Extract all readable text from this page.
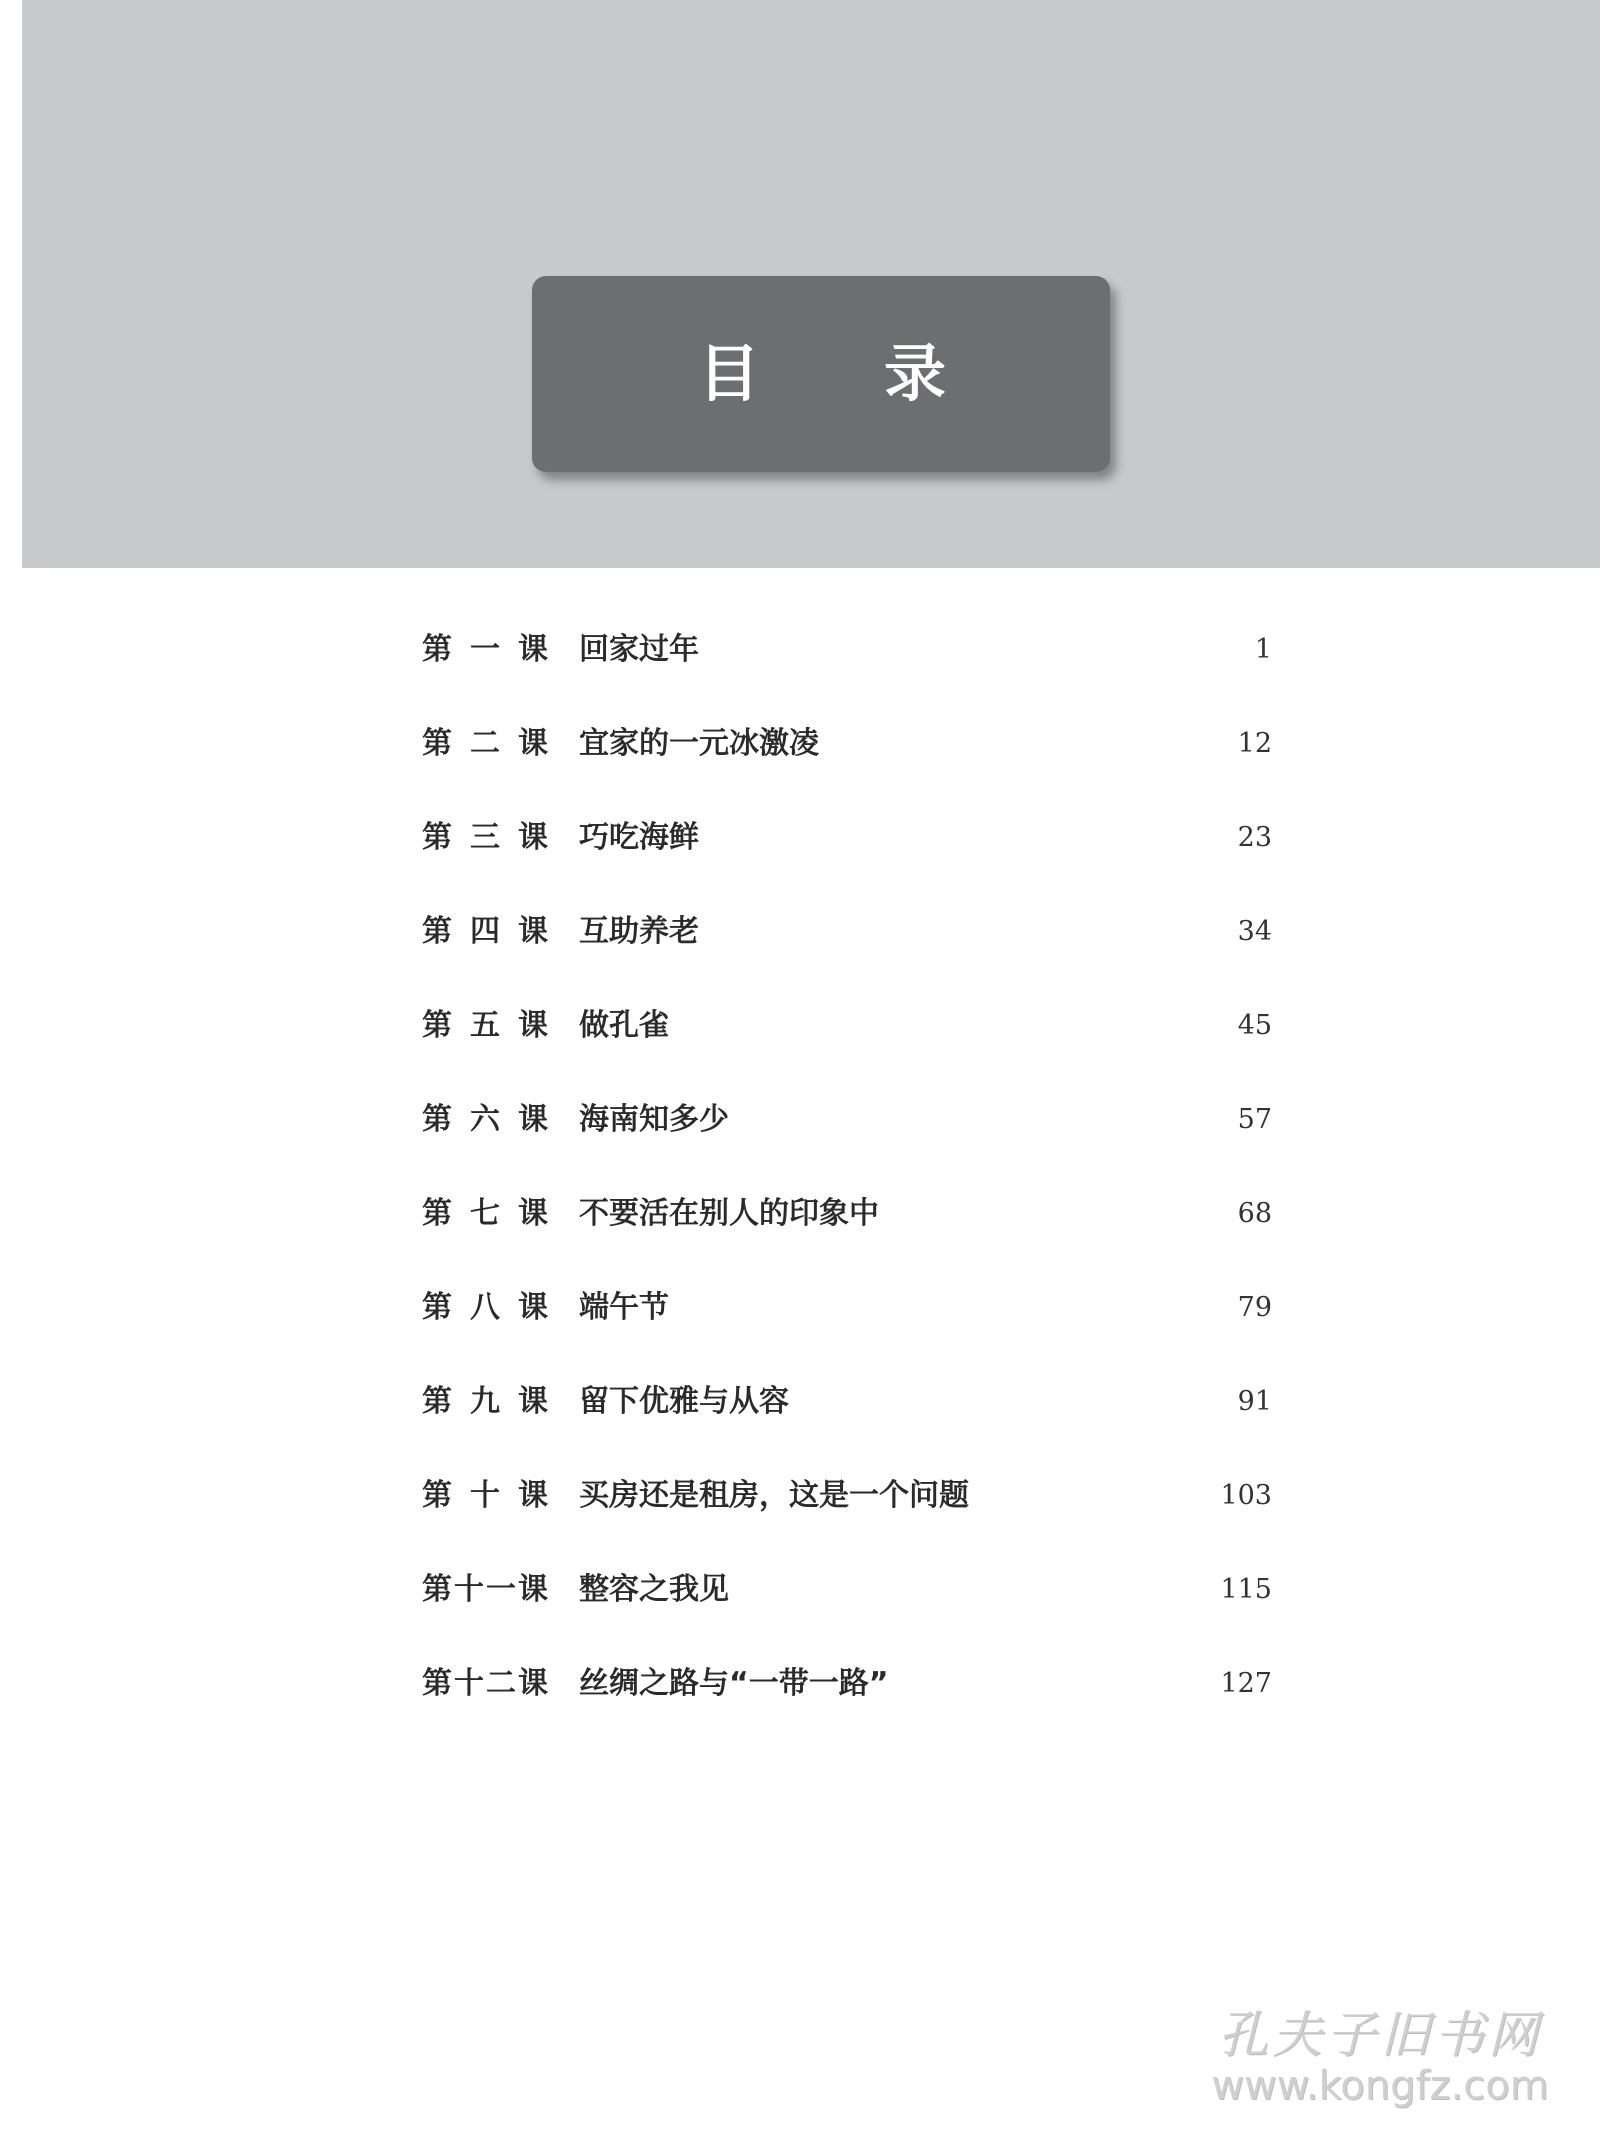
目 录
第 一 课 回家过年	1
第 二 课 宜家的一元冰激凌	12
第 三 课 巧吃海鲜	23
第 四 课 互助养老	34
第 五 课 做孔雀	45
第 六 课 海南知多少	57
第 七 课 不要活在别人的印象中	68
第 八 课 端午节	79
第 九 课 留下优雅与从容	91
第 十 课 买房还是租房，这是一个问题	103
第 十 一 课 整容之我见	115
第 十 二 课 丝绸之路与“一带一路”	127
孔夫子旧书网
www.kongfz.com
